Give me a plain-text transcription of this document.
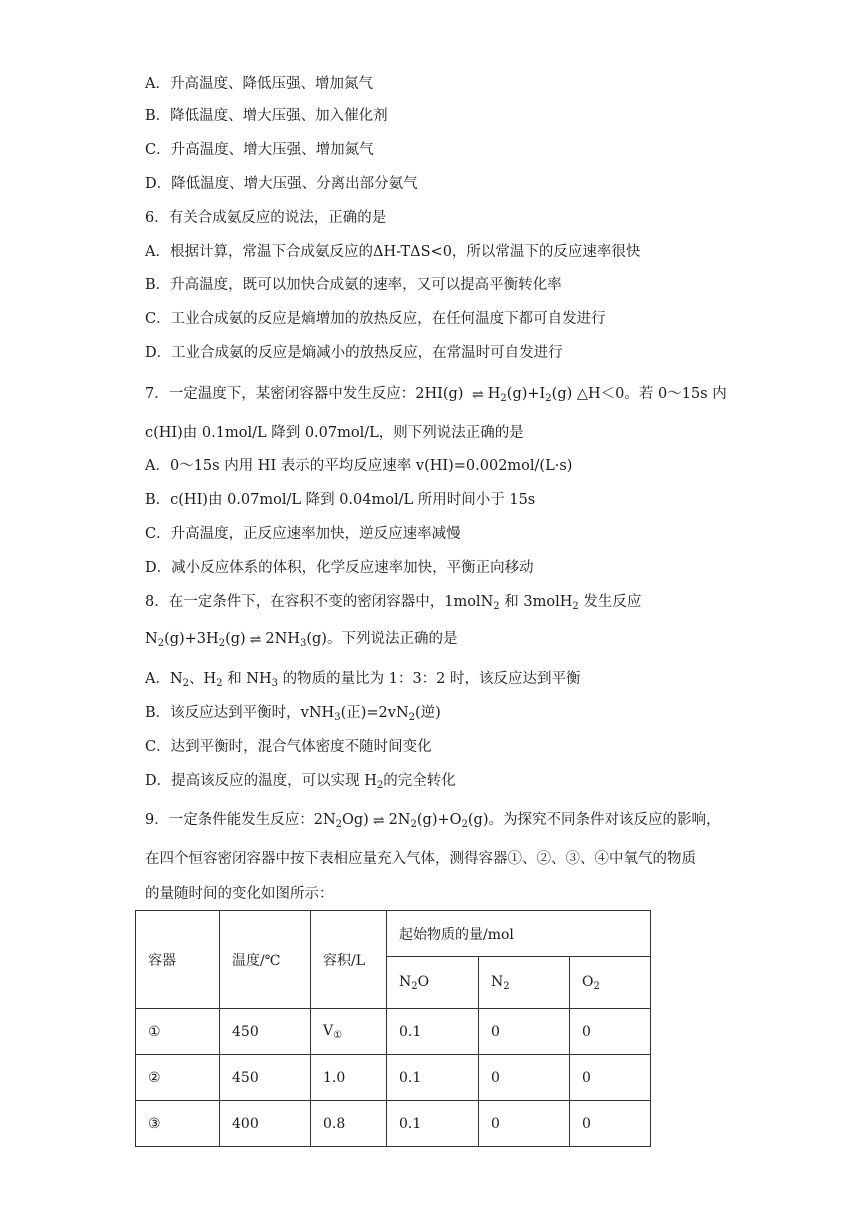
A．升高温度、降低压强、增加氮气
B．降低温度、增大压强、加入催化剂
C．升高温度、增大压强、增加氮气
D．降低温度、增大压强、分离出部分氨气
6．有关合成氨反应的说法，正确的是
A．根据计算，常温下合成氨反应的ΔH-TΔS<0，所以常温下的反应速率很快
B．升高温度，既可以加快合成氨的速率，又可以提高平衡转化率
C．工业合成氨的反应是熵增加的放热反应，在任何温度下都可自发进行
D．工业合成氨的反应是熵减小的放热反应，在常温时可自发进行
7．一定温度下，某密闭容器中发生反应：2HI(g) ⇌ $H_2(g)+I_2(g)$ △H＜0。若 0～15s 内
c(HI)由 0.1mol/L 降到 0.07mol/L，则下列说法正确的是
A．0～15s 内用 HI 表示的平均反应速率 v(HI)=0.002mol/(L·s)
B．c(HI)由 0.07mol/L 降到 0.04mol/L 所用时间小于 15s
C．升高温度，正反应速率加快，逆反应速率减慢
D．减小反应体系的体积，化学反应速率加快，平衡正向移动
8．在一定条件下，在容积不变的密闭容器中，1molN$_2$ 和 3molH$_2$ 发生反应
$N_2(g)+3H_2(g)$ ⇌ $2NH_3(g)$。下列说法正确的是
A．$N_2$、$H_2$ 和 $NH_3$ 的物质的量比为 1：3：2 时，该反应达到平衡
B．该反应达到平衡时，vNH$_3$(正)$=2vN_2$(逆)
C．达到平衡时，混合气体密度不随时间变化
D．提高该反应的温度，可以实现 $H_2$的完全转化
9．一定条件能发生反应：$2N_2Og$) ⇌ $2N_2(g)+O_2(g)$。为探究不同条件对该反应的影响，
在四个恒容密闭容器中按下表相应量充入气体，测得容器①、②、③、④中氧气的物质
的量随时间的变化如图所示：
容器	温度/℃	容积/L	起始物质的量/mol		
			$N_2O$	$N_2$	$O_2$
①	450	$V_①$	0.1	0	0
②	450	1.0	0.1	0	0
③	400	0.8	0.1	0	0
